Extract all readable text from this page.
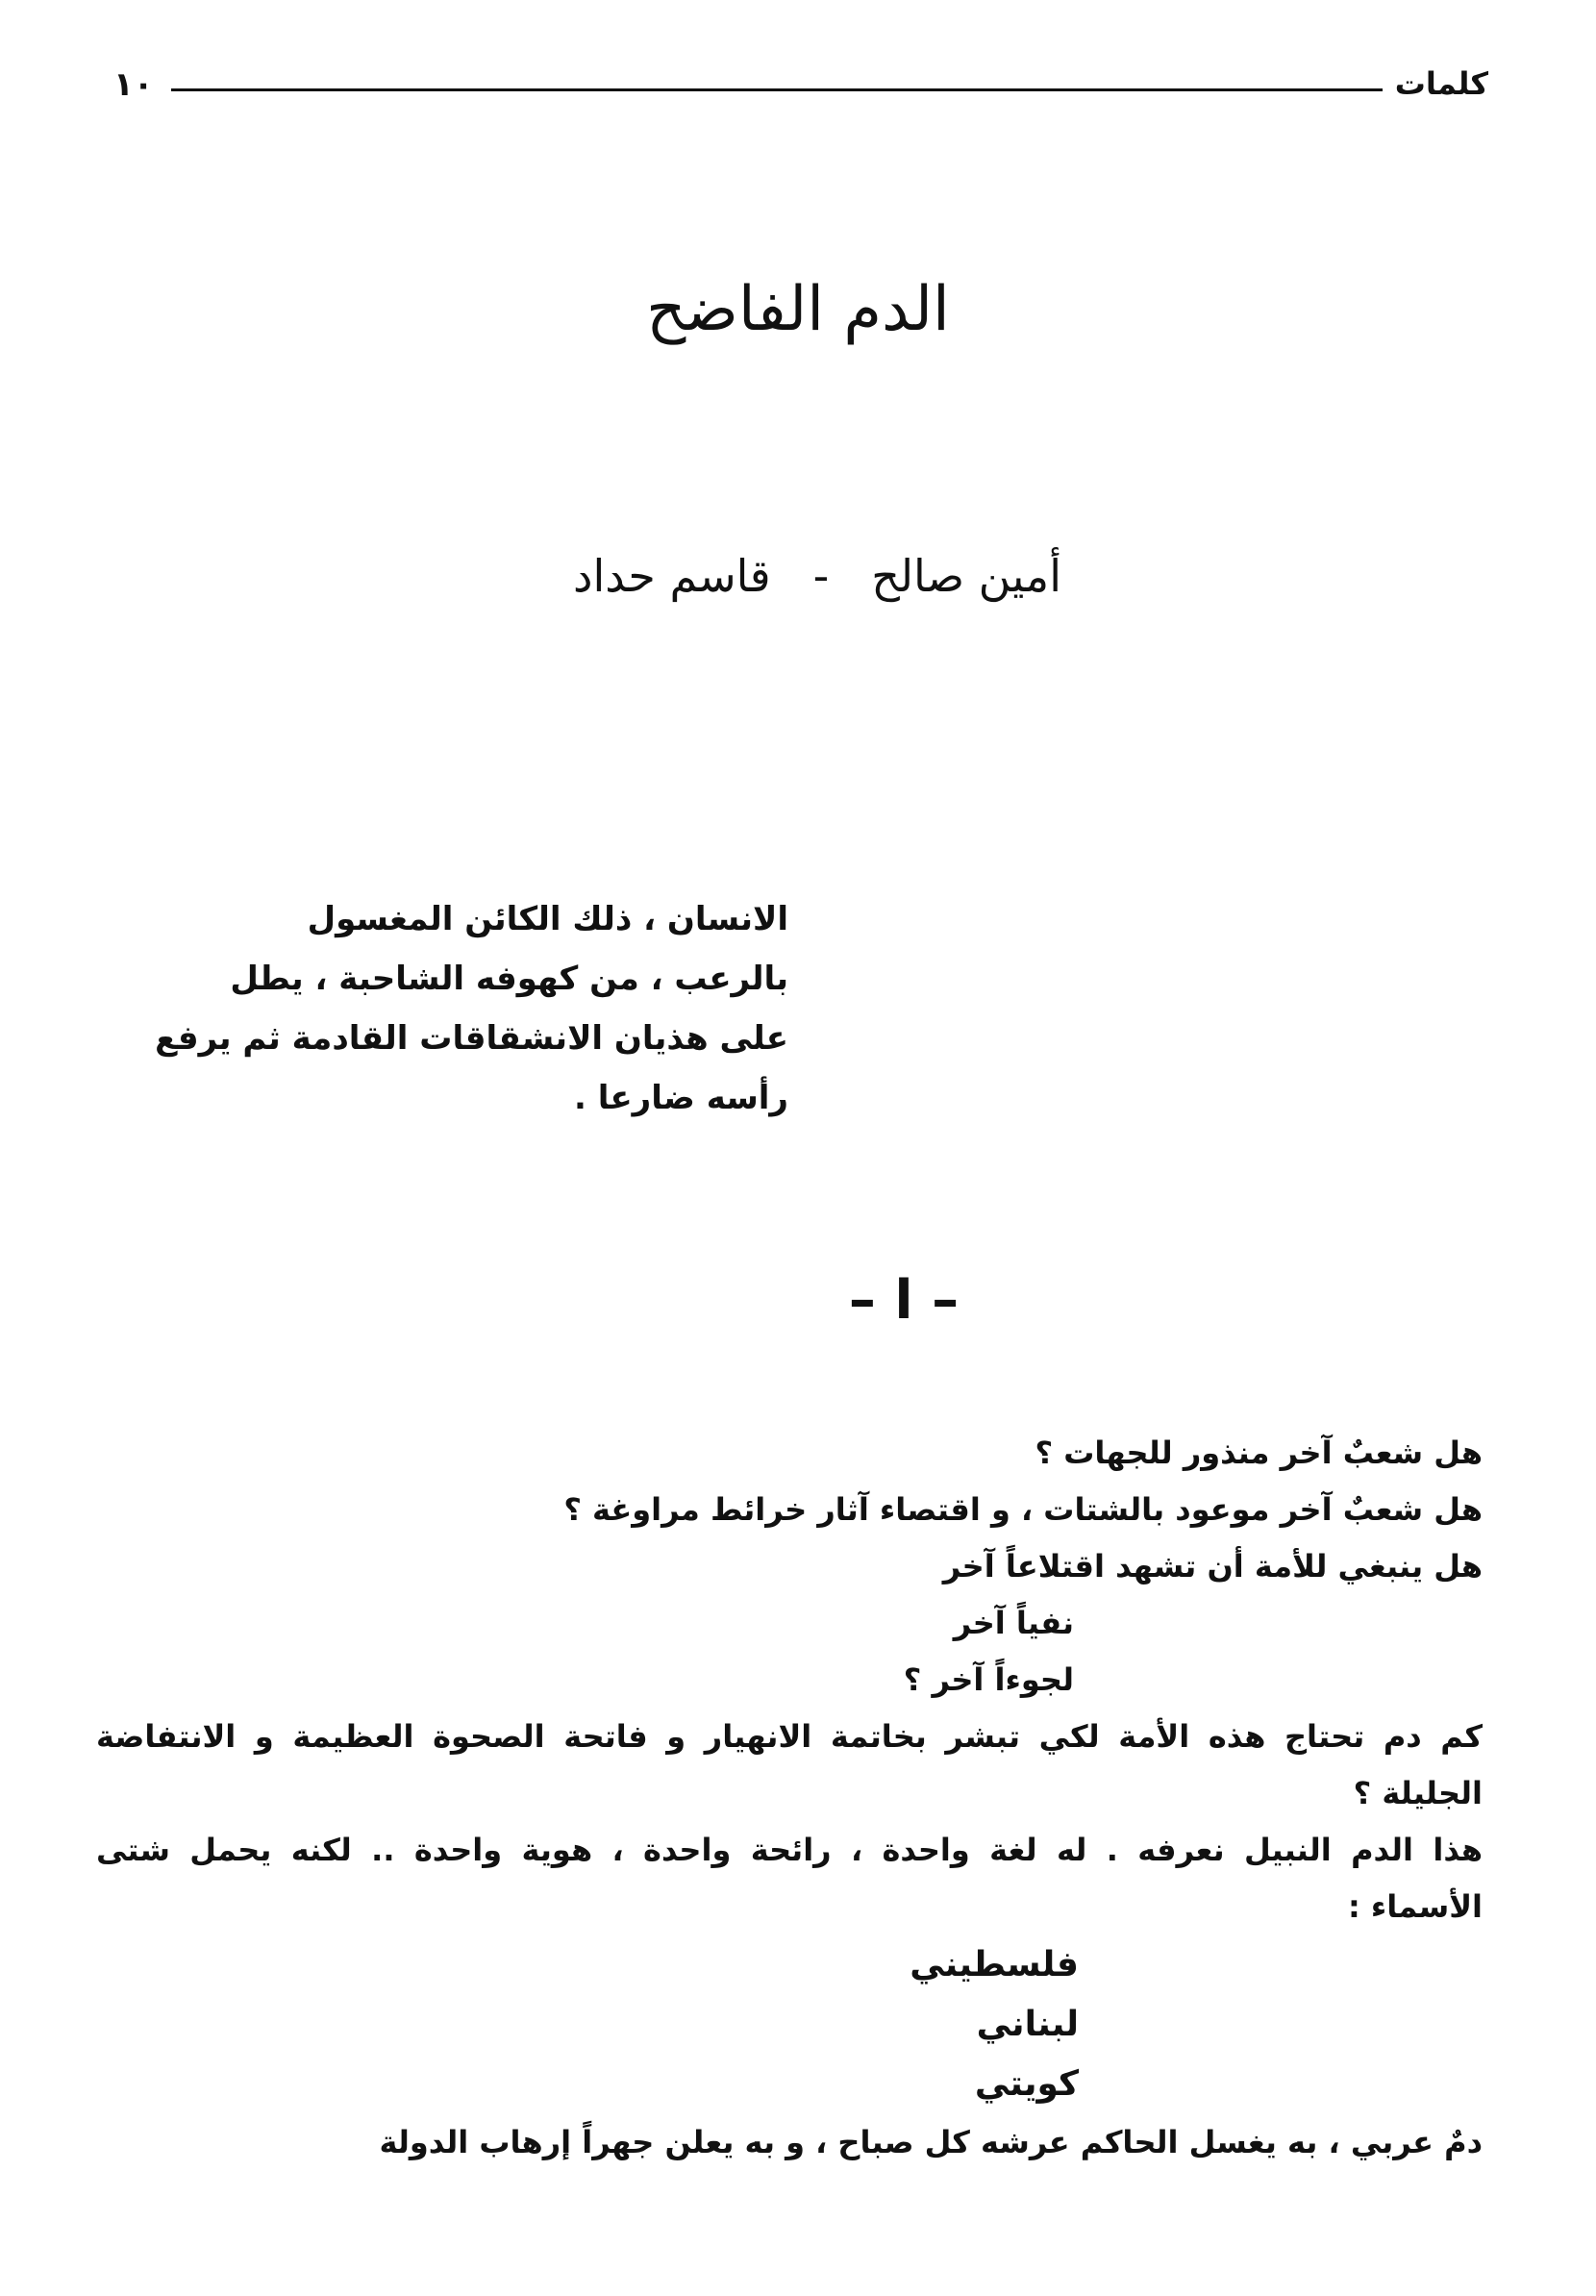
١٠	كلمات
الدم الفاضح
أمين صالح-قاسم حداد
الانسان ، ذلك الكائن المغسول
بالرعب ، من كهوفه الشاحبة ، يطل
على هذيان الانشقاقات القادمة ثم يرفع
رأسه ضارعا .
– ا –
هل شعبٌ آخر منذور للجهات ؟
هل شعبٌ آخر موعود بالشتات ، و اقتصاء آثار خرائط مراوغة ؟
هل ينبغي للأمة أن تشهد اقتلاعاً آخر
نفياً آخر
لجوءاً آخر ؟
كم دم تحتاج هذه الأمة لكي تبشر بخاتمة الانهيار و فاتحة الصحوة العظيمة و الانتفاضة
الجليلة ؟
هذا الدم النبيل نعرفه . له لغة واحدة ، رائحة واحدة ، هوية واحدة .. لكنه يحمل شتى
الأسماء :
فلسطيني
لبناني
كويتي
دمٌ عربي ، به يغسل الحاكم عرشه كل صباح ، و به يعلن جهراً إرهاب الدولة
